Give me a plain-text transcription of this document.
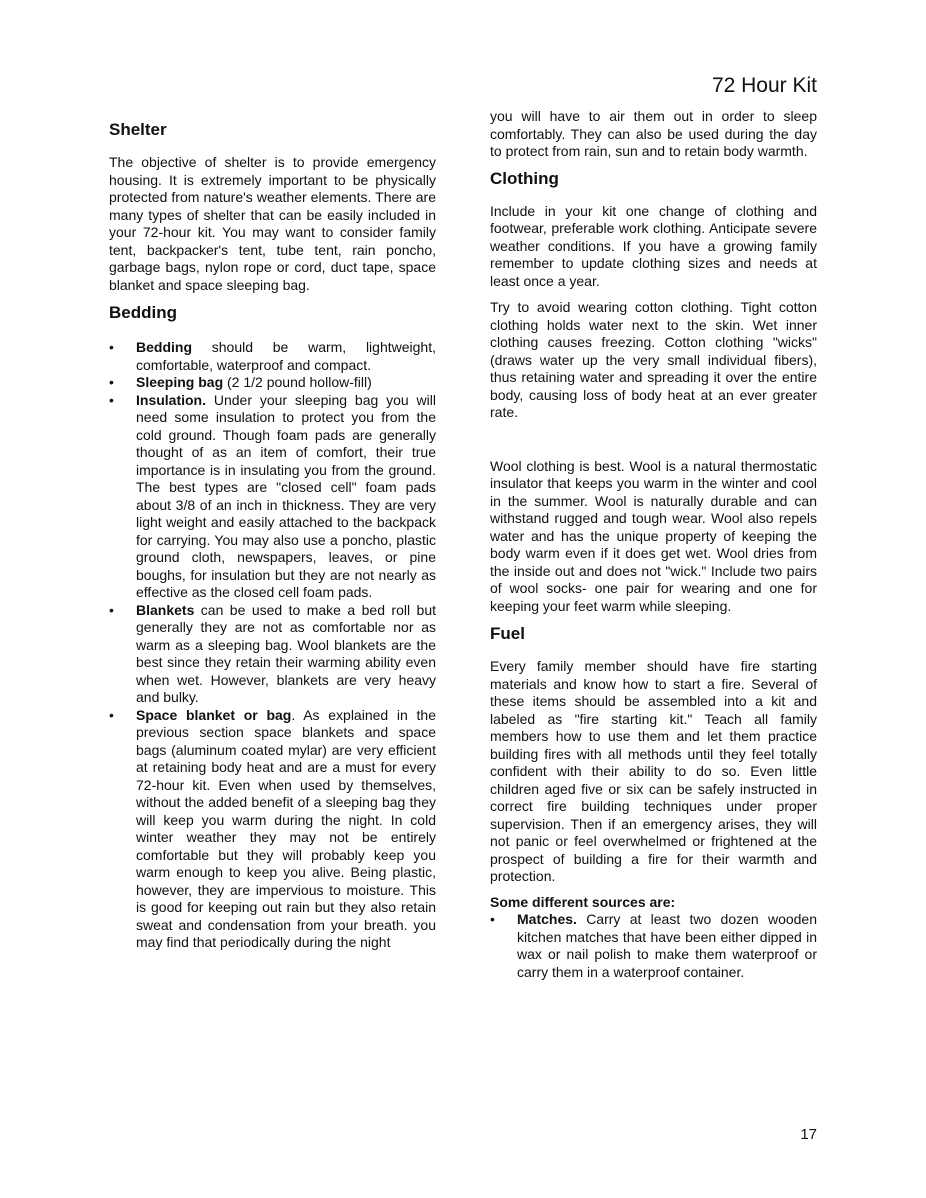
72 Hour Kit
Shelter

The objective of shelter is to provide emergency housing. It is extremely important to be physically protected from nature's weather elements. There are many types of shelter that can be easily included in your 72-hour kit. You may want to consider family tent, backpacker's tent, tube tent, rain poncho, garbage bags, nylon rope or cord, duct tape, space blanket and space sleeping bag.

Bedding
• Bedding should be warm, lightweight, comfortable, waterproof and compact.
• Sleeping bag (2 1/2 pound hollow-fill)
• Insulation. Under your sleeping bag you will need some insulation to protect you from the cold ground. Though foam pads are generally thought of as an item of comfort, their true importance is in insulating you from the ground. The best types are "closed cell" foam pads about 3/8 of an inch in thickness. They are very light weight and easily attached to the backpack for carrying. You may also use a poncho, plastic ground cloth, newspapers, leaves, or pine boughs, for insulation but they are not nearly as effective as the closed cell foam pads.
• Blankets can be used to make a bed roll but generally they are not as comfortable nor as warm as a sleeping bag. Wool blankets are the best since they retain their warming ability even when wet. However, blankets are very heavy and bulky.
• Space blanket or bag. As explained in the previous section space blankets and space bags (aluminum coated mylar) are very efficient at retaining body heat and are a must for every 72-hour kit. Even when used by themselves, without the added benefit of a sleeping bag they will keep you warm during the night. In cold winter weather they may not be entirely comfortable but they will probably keep you warm enough to keep you alive. Being plastic, however, they are impervious to moisture. This is good for keeping out rain but they also retain sweat and condensation from your breath. you may find that periodically during the night

you will have to air them out in order to sleep comfortably. They can also be used during the day to protect from rain, sun and to retain body warmth.

Clothing

Include in your kit one change of clothing and footwear, preferable work clothing. Anticipate severe weather conditions. If you have a growing family remember to update clothing sizes and needs at least once a year.

Try to avoid wearing cotton clothing. Tight cotton clothing holds water next to the skin. Wet inner clothing causes freezing. Cotton clothing "wicks" (draws water up the very small individual fibers), thus retaining water and spreading it over the entire body, causing loss of body heat at an ever greater rate.

Wool clothing is best. Wool is a natural thermostatic insulator that keeps you warm in the winter and cool in the summer. Wool is naturally durable and can withstand rugged and tough wear. Wool also repels water and has the unique property of keeping the body warm even if it does get wet. Wool dries from the inside out and does not "wick." Include two pairs of wool socks- one pair for wearing and one for keeping your feet warm while sleeping.

Fuel

Every family member should have fire starting materials and know how to start a fire. Several of these items should be assembled into a kit and labeled as "fire starting kit." Teach all family members how to use them and let them practice building fires with all methods until they feel totally confident with their ability to do so. Even little children aged five or six can be safely instructed in correct fire building techniques under proper supervision. Then if an emergency arises, they will not panic or feel overwhelmed or frightened at the prospect of building a fire for their warmth and protection.

Some different sources are:

• Matches. Carry at least two dozen wooden kitchen matches that have been either dipped in wax or nail polish to make them waterproof or carry them in a waterproof container.
17
